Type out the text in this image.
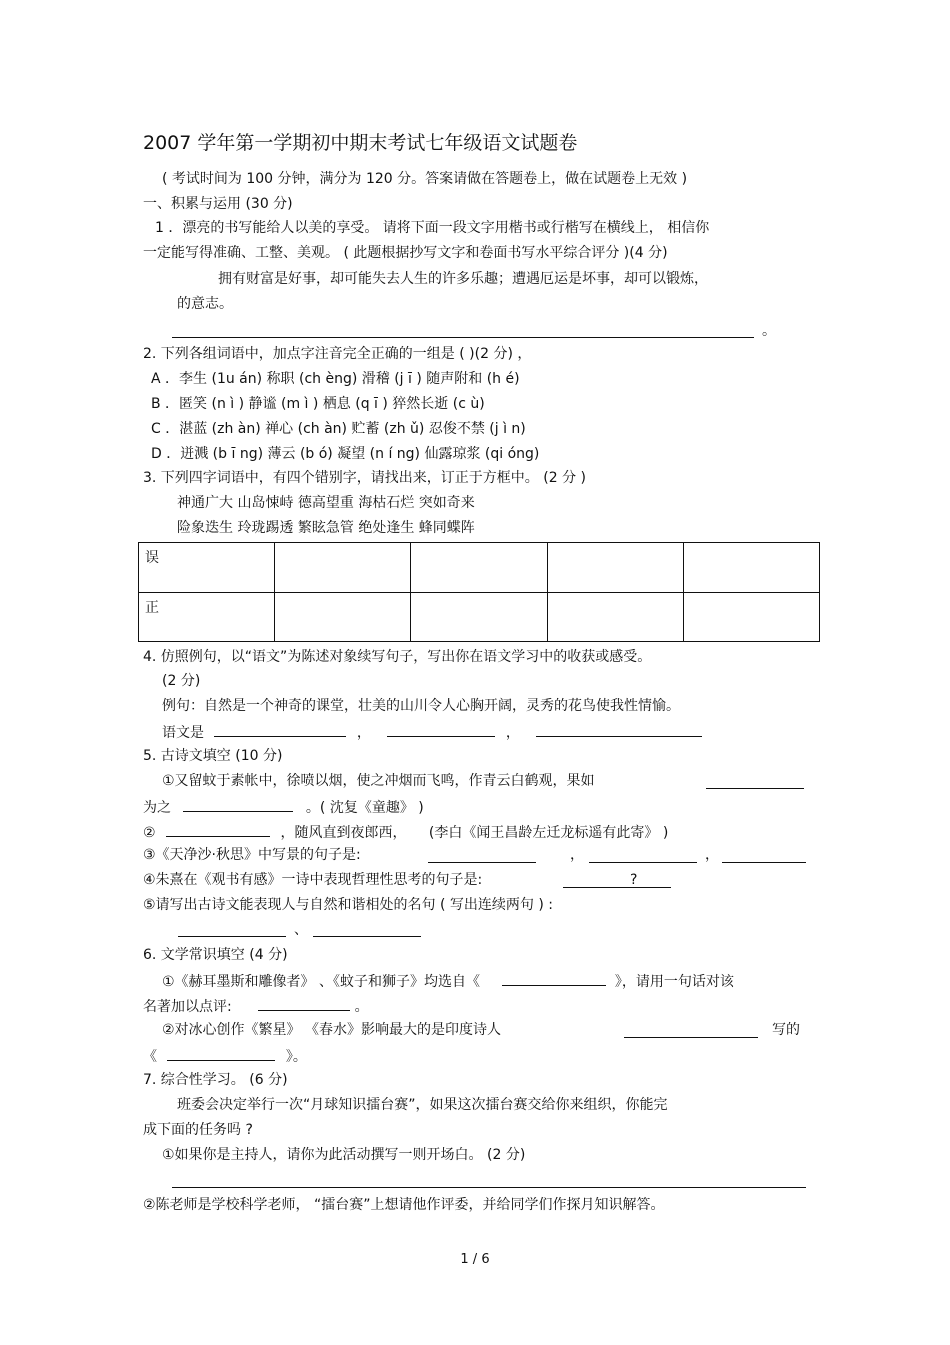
2007 学年第一学期初中期末考试七年级语文试题卷
( 考试时间为 100 分钟，满分为 120 分。答案请做在答题卷上，做在试题卷上无效 )
一、积累与运用 (30 分)
1 ．漂亮的书写能给人以美的享受。 请将下面一段文字用楷书或行楷写在横线上， 相信你
一定能写得准确、工整、美观。 ( 此题根据抄写文字和卷面书写水平综合评分 )(4 分)
拥有财富是好事，却可能失去人生的许多乐趣；遭遇厄运是坏事，却可以锻炼，
的意志。
。
2. 下列各组词语中，加点字注音完全正确的一组是 ( )(2 分) ，
A ．李生 (1u án) 称职 (ch èng) 滑稽 (j ī ) 随声附和 (h é)
B ．匿笑 (n ì ) 静谧 (m ì ) 栖息 (q ī ) 猝然长逝 (c ù)
C ．湛蓝 (zh àn) 禅心 (ch àn) 贮蓄 (zh ǔ) 忍俊不禁 (j ì n)
D ．迸溅 (b ī ng) 薄云 (b ó) 凝望 (n í ng) 仙露琼浆 (qi óng)
3. 下列四字词语中，有四个错别字，请找出来，订正于方框中。 (2 分 )
神通广大 山岛悚峙 德高望重 海枯石烂 突如奇来
险象迭生 玲珑踢透 繁眩急管 绝处逢生 蜂同蝶阵
误				
正				
4. 仿照例句，以“语文”为陈述对象续写句子，写出你在语文学习中的收获或感受。
(2 分)
例句：自然是一个神奇的课堂，壮美的山川令人心胸开阔，灵秀的花鸟使我性情愉。
语文是	，	，
5. 古诗文填空 (10 分)
①又留蚊于素帐中，徐喷以烟，使之冲烟而飞鸣，作青云白鹤观，果如
为之	。( 沈复《童趣》 )
②	，随风直到夜郎西， (李白《闻王昌龄左迁龙标遥有此寄》 )
③《天净沙·秋思》中写景的句子是:	，	，
④朱熹在《观书有感》一诗中表现哲理性思考的句子是:	?
⑤请写出古诗文能表现人与自然和谐相处的名句 ( 写出连续两句 ) :
、
6. 文学常识填空 (4 分)
①《赫耳墨斯和雕像者》 、《蚊子和狮子》均选自《	》，请用一句话对该
名著加以点评:	。
②对冰心创作《繁星》 《春水》影响最大的是印度诗人	写的
《	》。
7. 综合性学习。 (6 分)
班委会决定举行一次“月球知识擂台赛”，如果这次擂台赛交给你来组织，你能完
成下面的任务吗 ?
①如果你是主持人，请你为此活动撰写一则开场白。 (2 分)
②陈老师是学校科学老师， “擂台赛”上想请他作评委，并给同学们作探月知识解答。
1 / 6
